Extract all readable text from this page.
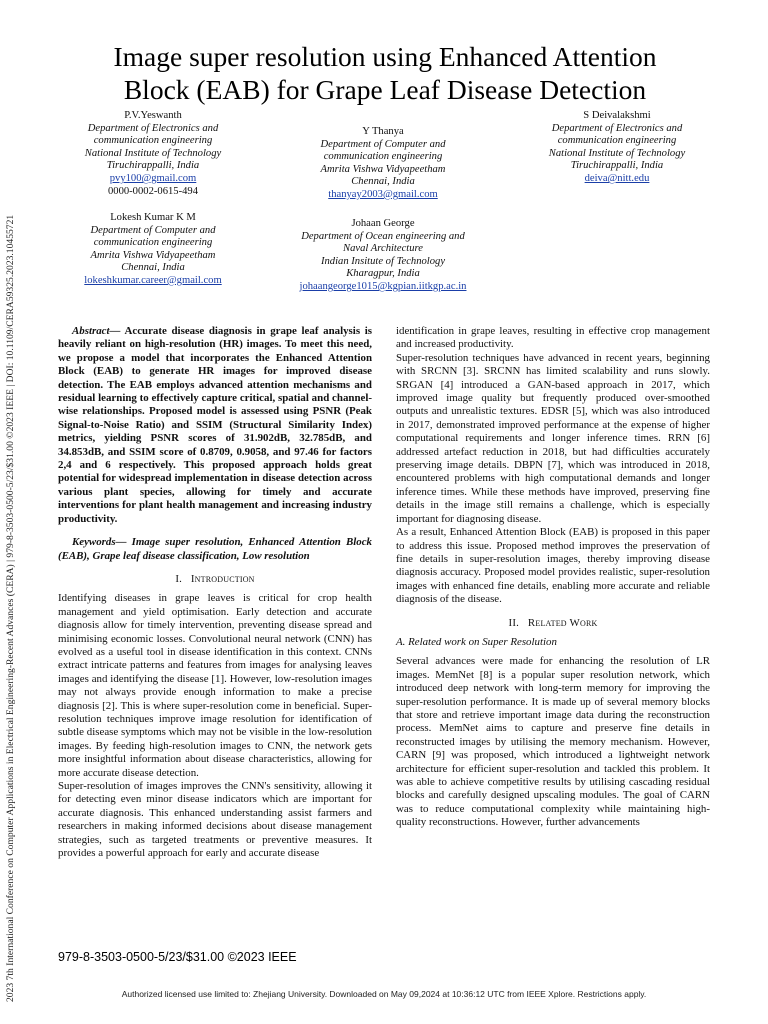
2023 7th International Conference on Computer Applications in Electrical Engineering-Recent Advances (CERA) | 979-8-3503-0500-5/23/$31.00 ©2023 IEEE | DOI: 10.1109/CERA59325.2023.10455721
Image super resolution using Enhanced Attention
Block (EAB) for Grape Leaf Disease Detection
P.V.Yeswanth
Department of Electronics and
communication engineering
National Institute of Technology
Tiruchirappalli, India
pvy100@gmail.com
0000-0002-0615-494
Y Thanya
Department of Computer and
communication engineering
Amrita Vishwa Vidyapeetham
Chennai, India
thanyay2003@gmail.com
S Deivalakshmi
Department of Electronics and
communication engineering
National Institute of Technology
Tiruchirappalli, India
deiva@nitt.edu
Lokesh Kumar K M
Department of Computer and
communication engineering
Amrita Vishwa Vidyapeetham
Chennai, India
lokeshkumar.career@gmail.com
Johaan George
Department of Ocean engineering and
Naval Architecture
Indian Insitute of Technology
Kharagpur, India
johaangeorge1015@kgpian.iitkgp.ac.in

Abstract— Accurate disease diagnosis in grape leaf analysis is heavily reliant on high-resolution (HR) images. To meet this need, we propose a model that incorporates the Enhanced Attention Block (EAB) to generate HR images for improved disease detection. The EAB employs advanced attention mechanisms and residual learning to effectively capture critical, spatial and channel-wise relationships. Proposed model is assessed using PSNR (Peak Signal-to-Noise Ratio) and SSIM (Structural Similarity Index) metrics, yielding PSNR scores of 31.902dB, 32.785dB, and 34.853dB, and SSIM score of 0.8709, 0.9058, and 97.46 for factors 2,4 and 6 respectively. This proposed approach holds great potential for widespread implementation in disease detection across various plant species, allowing for timely and accurate interventions for plant health management and increasing industry productivity.

Keywords— Image super resolution, Enhanced Attention Block (EAB), Grape leaf disease classification, Low resolution

I. Introduction

Identifying diseases in grape leaves is critical for crop health management and yield optimisation. Early detection and accurate diagnosis allow for timely intervention, preventing disease spread and minimising economic losses. Convolutional neural network (CNN) has evolved as a useful tool in disease identification in this context. CNNs extract intricate patterns and features from images for analysing leaves images and identifying the disease [1]. However, low-resolution images may not always provide enough information to make a precise diagnosis [2]. This is where super-resolution come in beneficial. Super-resolution techniques improve image resolution for identification of subtle disease symptoms which may not be visible in the low-resolution images. By feeding high-resolution images to CNN, the network gets more insightful information about disease characteristics, allowing for more accurate disease detection.

Super-resolution of images improves the CNN's sensitivity, allowing it for detecting even minor disease indicators which are important for accurate diagnosis. This enhanced understanding assist farmers and researchers in making informed decisions about disease management strategies, such as targeted treatments or preventive measures. It provides a powerful approach for early and accurate disease

identification in grape leaves, resulting in effective crop management and increased productivity.

Super-resolution techniques have advanced in recent years, beginning with SRCNN [3]. SRCNN has limited scalability and runs slowly. SRGAN [4] introduced a GAN-based approach in 2017, which improved image quality but frequently produced over-smoothed outputs and unrealistic textures. EDSR [5], which was also introduced in 2017, demonstrated improved performance at the expense of higher computational requirements and longer inference times. RRN [6] addressed artefact reduction in 2018, but had difficulties accurately preserving image details. DBPN [7], which was introduced in 2018, encountered problems with high computational demands and longer inference times. While these methods have improved, preserving fine details in the image still remains a challenge, which is especially important for diagnosing disease.

As a result, Enhanced Attention Block (EAB) is proposed in this paper to address this issue. Proposed method improves the preservation of fine details in super-resolution images, thereby improving disease diagnosis accuracy. Proposed model provides realistic, super-resolution images with enhanced fine details, enabling more accurate and reliable diagnosis of the disease.

II. Related Work
A. Related work on Super Resolution

Several advances were made for enhancing the resolution of LR images. MemNet [8] is a popular super resolution network, which introduced deep network with long-term memory for improving the super-resolution performance. It is made up of several memory blocks that store and retrieve important image data during the reconstruction process. MemNet aims to capture and preserve fine details in reconstructed images by utilising the memory mechanism. However, CARN [9] was proposed, which introduced a lightweight network architecture for efficient super-resolution and tackled this problem. It was able to achieve competitive results by utilising cascading residual blocks and carefully designed upscaling modules. The goal of CARN was to reduce computational complexity while maintaining high-quality reconstructions. However, further advancements

979-8-3503-0500-5/23/$31.00 ©2023 IEEE
Authorized licensed use limited to: Zhejiang University. Downloaded on May 09,2024 at 10:36:12 UTC from IEEE Xplore. Restrictions apply.
